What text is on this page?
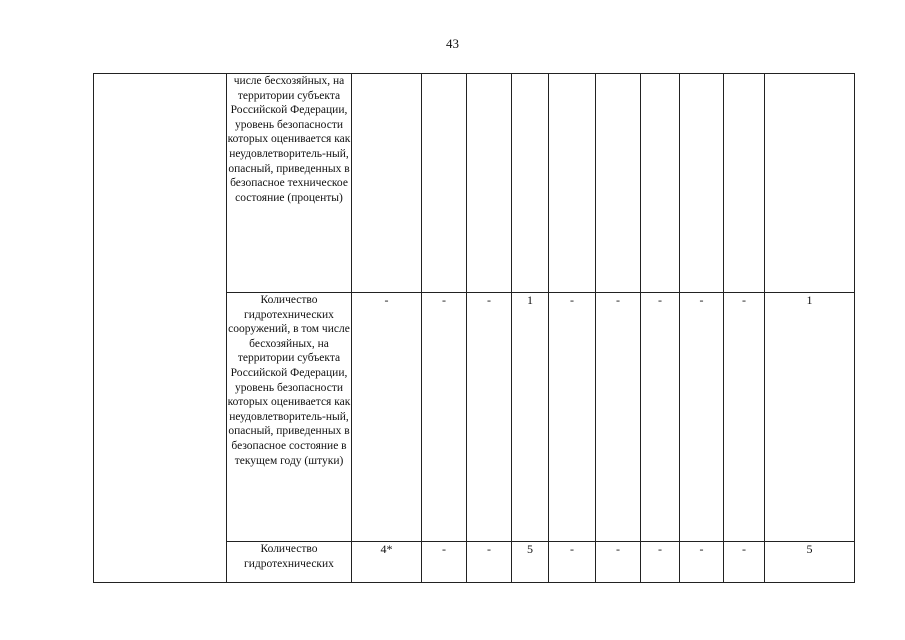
43
	числе бесхозяйных, на территории субъекта Российской Федерации, уровень безопасности которых оценивается как неудовлетворитель-ный, опасный, приведенных в безопасное техническое состояние (проценты)										
	Количество гидротехнических сооружений, в том числе бесхозяйных, на территории субъекта Российской Федерации, уровень безопасности которых оценивается как неудовлетворитель-ный, опасный, приведенных в безопасное состояние в текущем году (штуки)	-	-	-	1	-	-	-	-	-	1
	Количество гидротехнических	4*	-	-	5	-	-	-	-	-	5
